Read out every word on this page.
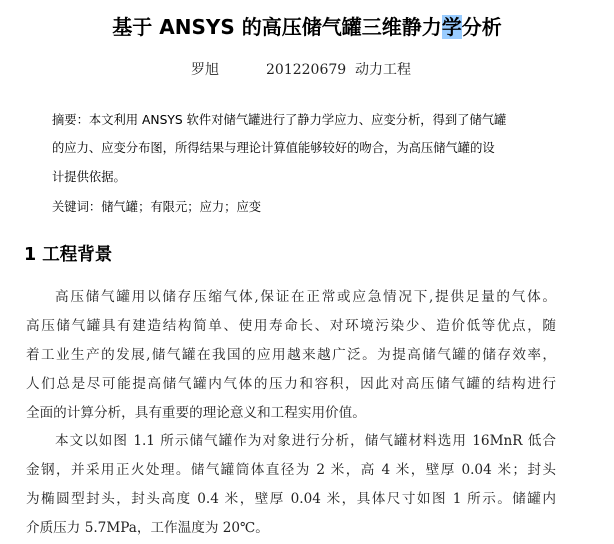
基于 ANSYS 的高压储气罐三维静力学分析
罗旭	201220679 动力工程
摘要：本文利用 ANSYS 软件对储气罐进行了静力学应力、应变分析，得到了储气罐
的应力、应变分布图，所得结果与理论计算值能够较好的吻合，为高压储气罐的设
计提供依据。
关键词：储气罐；有限元；应力；应变
1 工程背景
高压储气罐用以储存压缩气体,保证在正常或应急情况下,提供足量的气体。
高压储气罐具有建造结构简单、使用寿命长、对环境污染少、造价低等优点，随
着工业生产的发展,储气罐在我国的应用越来越广泛。为提高储气罐的储存效率，
人们总是尽可能提高储气罐内气体的压力和容积，因此对高压储气罐的结构进行
全面的计算分析，具有重要的理论意义和工程实用价值。
本文以如图 1.1 所示储气罐作为对象进行分析，储气罐材料选用 16MnR 低合
金钢，并采用正火处理。储气罐筒体直径为 2 米，高 4 米，壁厚 0.04 米；封头
为椭圆型封头，封头高度 0.4 米，壁厚 0.04 米，具体尺寸如图 1 所示。储罐内
介质压力 5.7MPa，工作温度为 20℃。
